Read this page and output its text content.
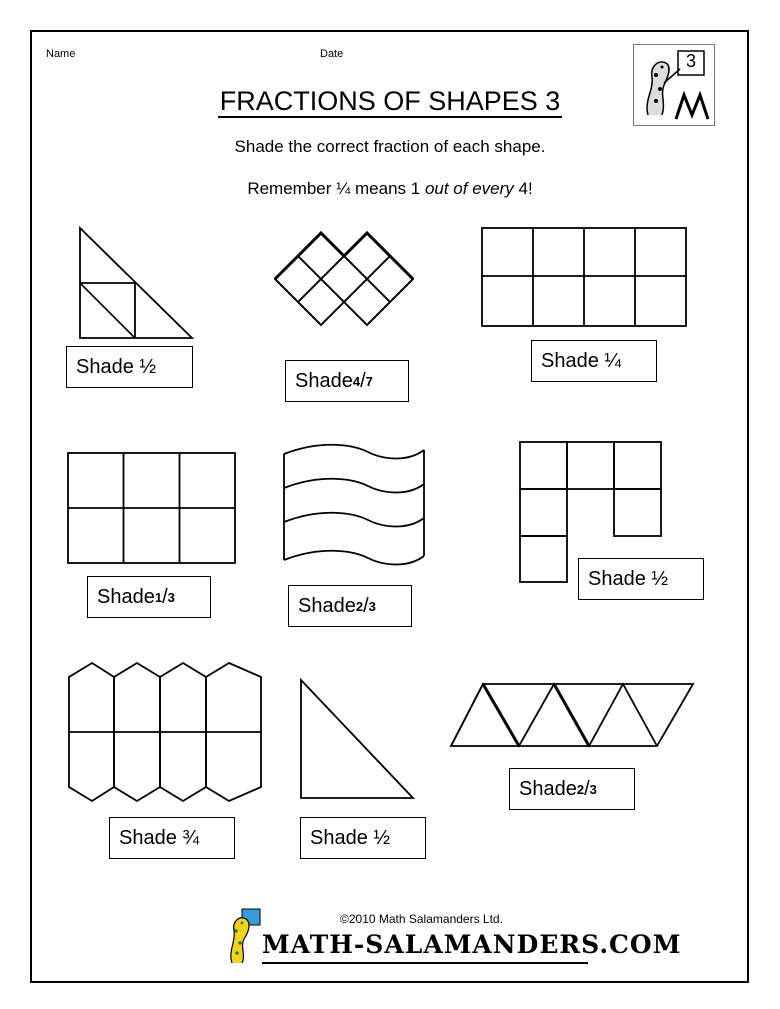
Name	Date	3
FRACTIONS OF SHAPES 3
Shade the correct fraction of each shape.
Remember ¼ means 1 out of every 4!
Shade ½
Shade 4 / 7
Shade ¼
Shade 1 / 3	Shade 2 / 3
Shade ½
Shade ¾	Shade ½
Shade 2 / 3
©2010 Math Salamanders Ltd.
MATH-SALAMANDERS.COM
